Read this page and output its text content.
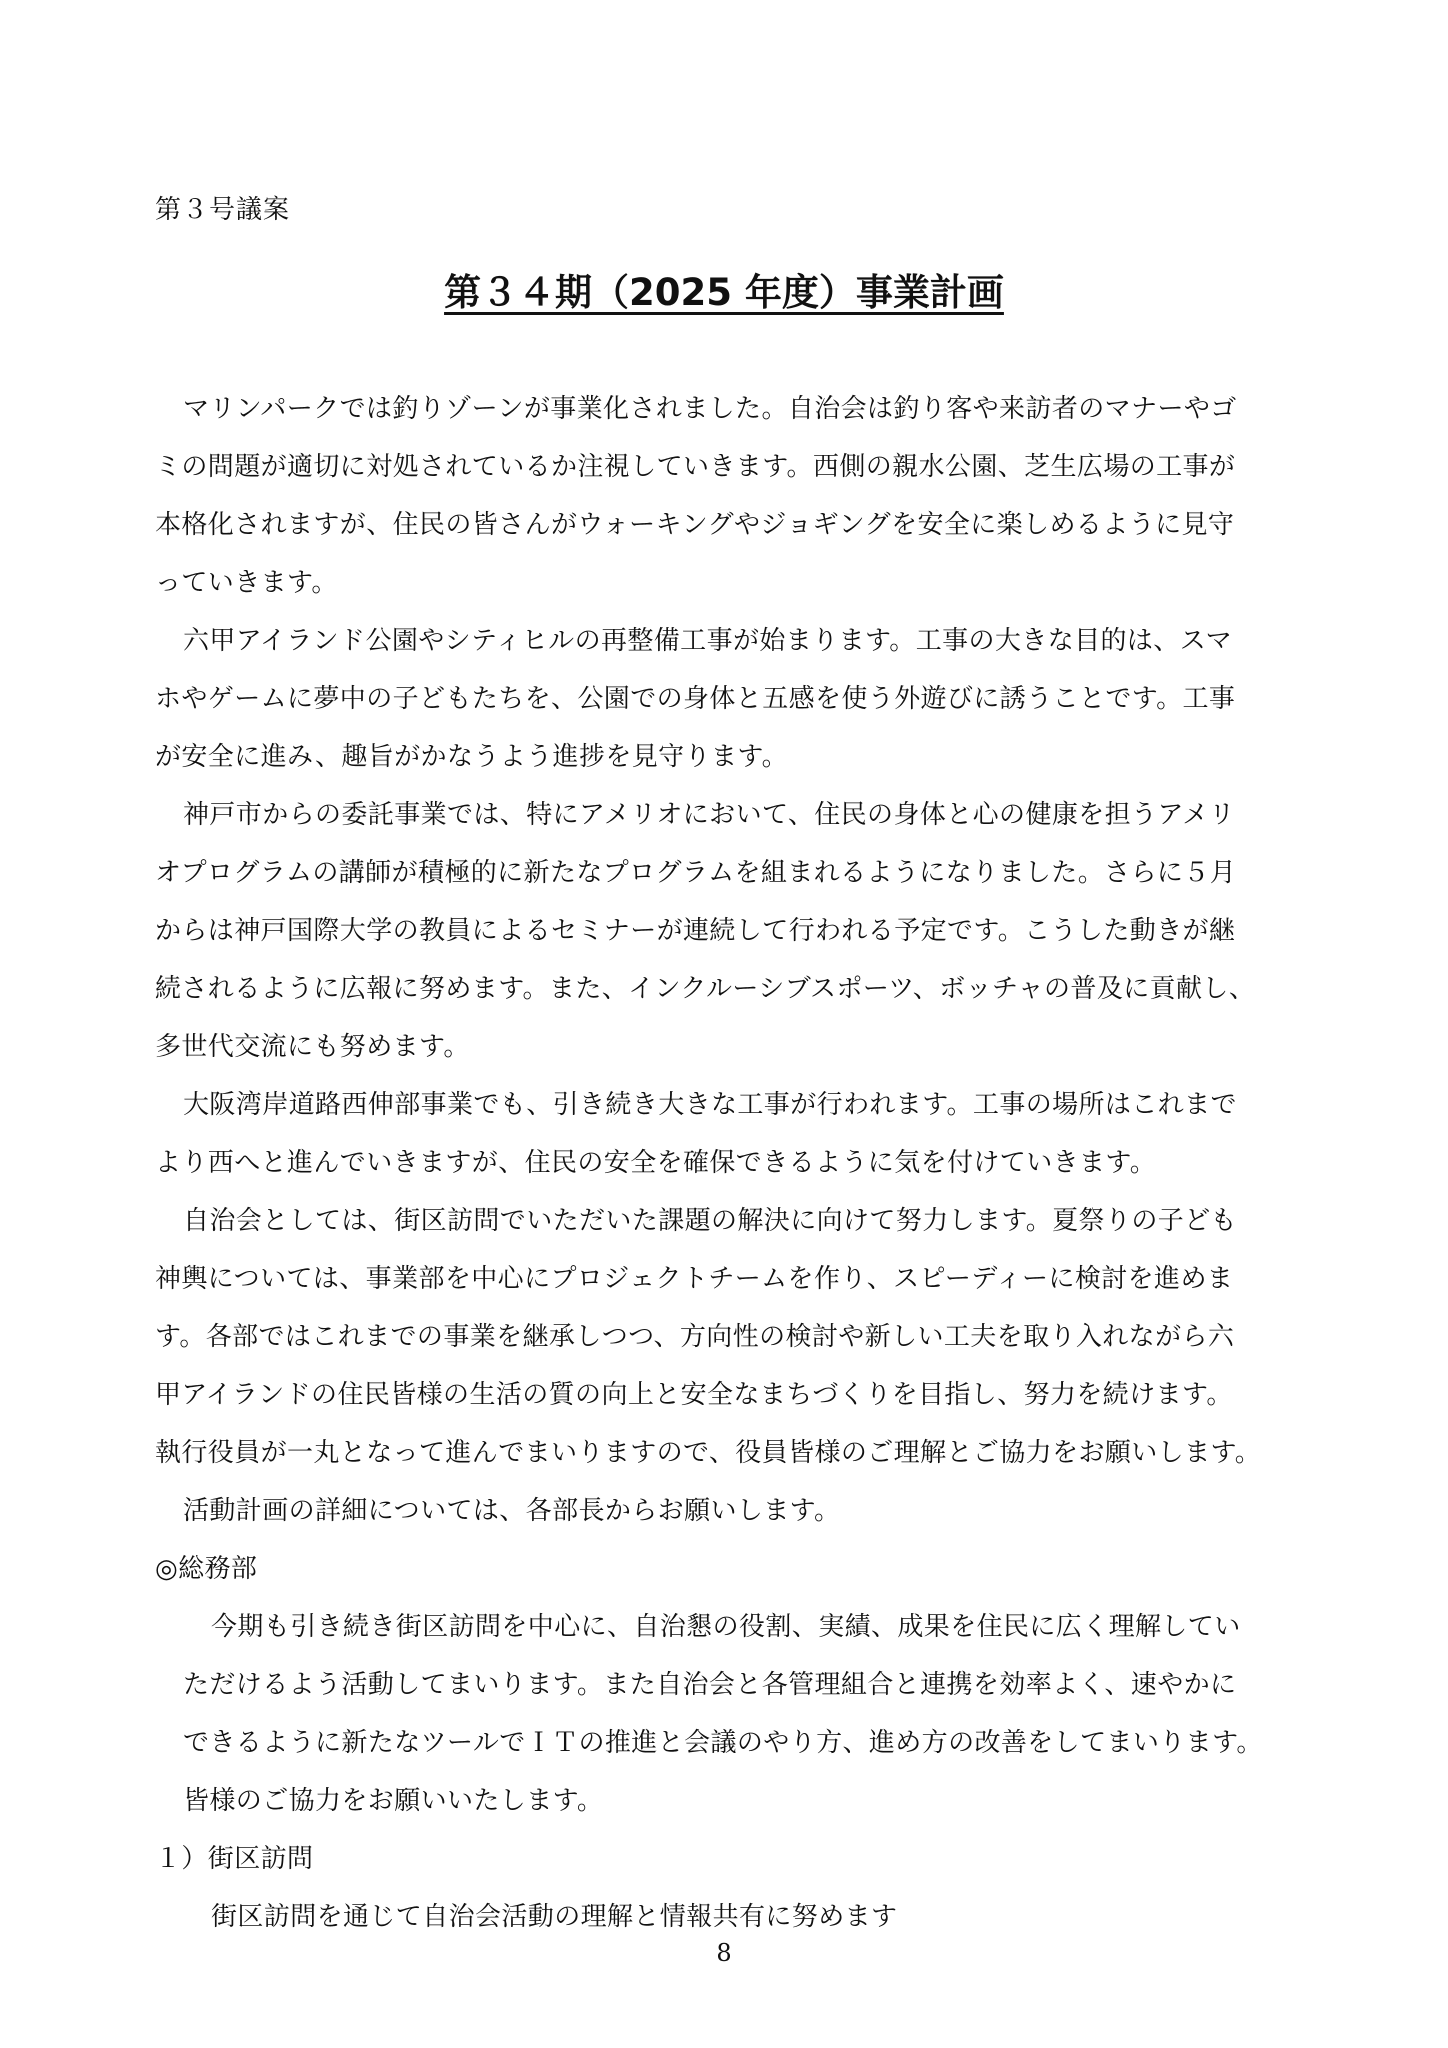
第３号議案
第３４期（2025 年度）事業計画
マリンパークでは釣りゾーンが事業化されました。自治会は釣り客や来訪者のマナーやゴ
ミの問題が適切に対処されているか注視していきます。西側の親水公園、芝生広場の工事が
本格化されますが、住民の皆さんがウォーキングやジョギングを安全に楽しめるように見守
っていきます。
六甲アイランド公園やシティヒルの再整備工事が始まります。工事の大きな目的は、スマ
ホやゲームに夢中の子どもたちを、公園での身体と五感を使う外遊びに誘うことです。工事
が安全に進み、趣旨がかなうよう進捗を見守ります。
神戸市からの委託事業では、特にアメリオにおいて、住民の身体と心の健康を担うアメリ
オプログラムの講師が積極的に新たなプログラムを組まれるようになりました。さらに５月
からは神戸国際大学の教員によるセミナーが連続して行われる予定です。こうした動きが継
続されるように広報に努めます。また、インクルーシブスポーツ、ボッチャの普及に貢献し、
多世代交流にも努めます。
大阪湾岸道路西伸部事業でも、引き続き大きな工事が行われます。工事の場所はこれまで
より西へと進んでいきますが、住民の安全を確保できるように気を付けていきます。
自治会としては、街区訪問でいただいた課題の解決に向けて努力します。夏祭りの子ども
神輿については、事業部を中心にプロジェクトチームを作り、スピーディーに検討を進めま
す。各部ではこれまでの事業を継承しつつ、方向性の検討や新しい工夫を取り入れながら六
甲アイランドの住民皆様の生活の質の向上と安全なまちづくりを目指し、努力を続けます。
執行役員が一丸となって進んでまいりますので、役員皆様のご理解とご協力をお願いします。
活動計画の詳細については、各部長からお願いします。
◎総務部
今期も引き続き街区訪問を中心に、自治懇の役割、実績、成果を住民に広く理解してい
ただけるよう活動してまいります。また自治会と各管理組合と連携を効率よく、速やかに
できるように新たなツールでＩＴの推進と会議のやり方、進め方の改善をしてまいります。
皆様のご協力をお願いいたします。
１）街区訪問
街区訪問を通じて自治会活動の理解と情報共有に努めます
8
